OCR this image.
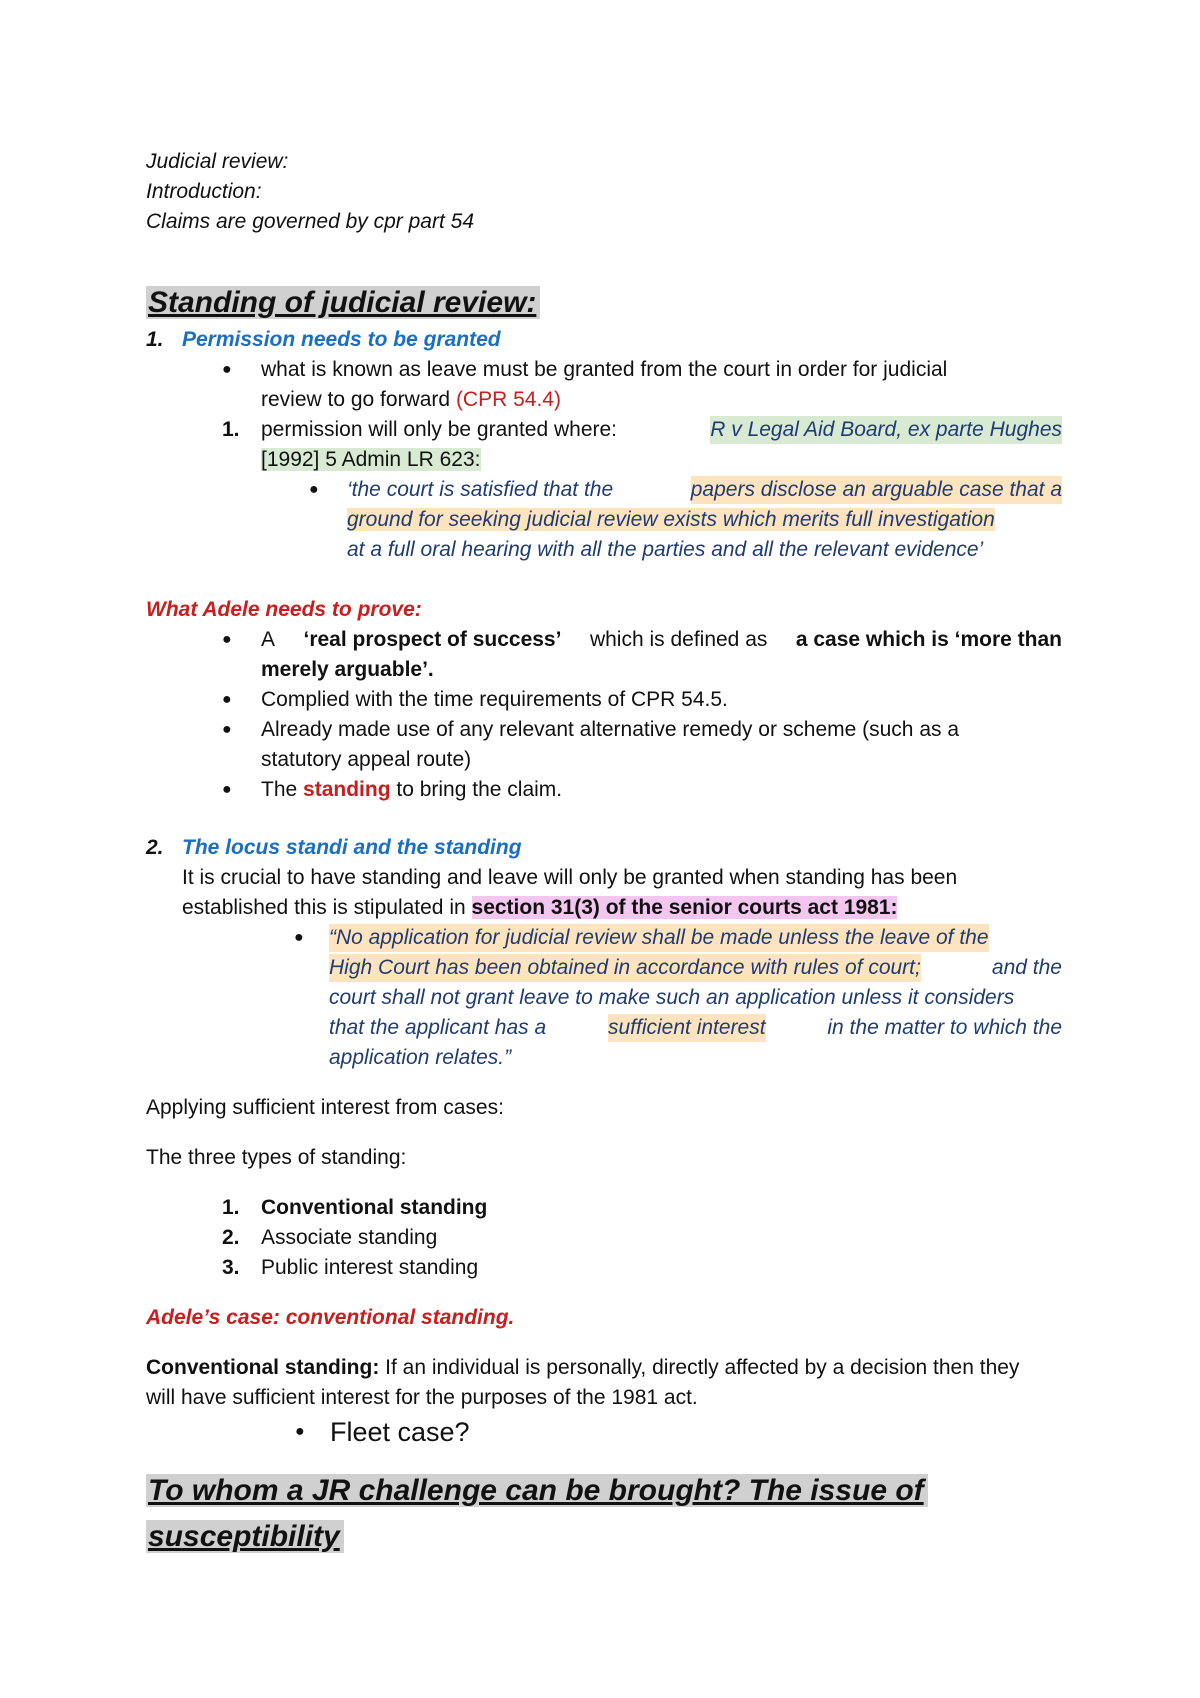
Judicial review:
Introduction:
Claims are governed by cpr part 54
Standing of judicial review:
1. Permission needs to be granted
● what is known as leave must be granted from the court in order for judicial
review to go forward (CPR 54.4)
1. permission will only be granted where:	R v Legal Aid Board, ex parte Hughes
[1992] 5 Admin LR 623:
● ‘the court is satisfied that the	papers disclose an arguable case that a
ground for seeking judicial review exists which merits full investigation
at a full oral hearing with all the parties and all the relevant evidence’
What Adele needs to prove:
● A ‘real prospect of success’ which is defined as a case which is ‘more than
merely arguable’.
● Complied with the time requirements of CPR 54.5.
● Already made use of any relevant alternative remedy or scheme (such as a
statutory appeal route)
● The standing to bring the claim.
2. The locus standi and the standing
It is crucial to have standing and leave will only be granted when standing has been
established this is stipulated in section 31(3) of the senior courts act 1981:
● “No application for judicial review shall be made unless the leave of the
High Court has been obtained in accordance with rules of court;	and the
court shall not grant leave to make such an application unless it considers
that the applicant has a	sufficient interest	in the matter to which the
application relates.”
Applying sufficient interest from cases:
The three types of standing:
1. Conventional standing
2. Associate standing
3. Public interest standing
Adele’s case: conventional standing.
Conventional standing: If an individual is personally, directly affected by a decision then they
will have sufficient interest for the purposes of the 1981 act.
● Fleet case?
To whom a JR challenge can be brought? The issue of
susceptibility
